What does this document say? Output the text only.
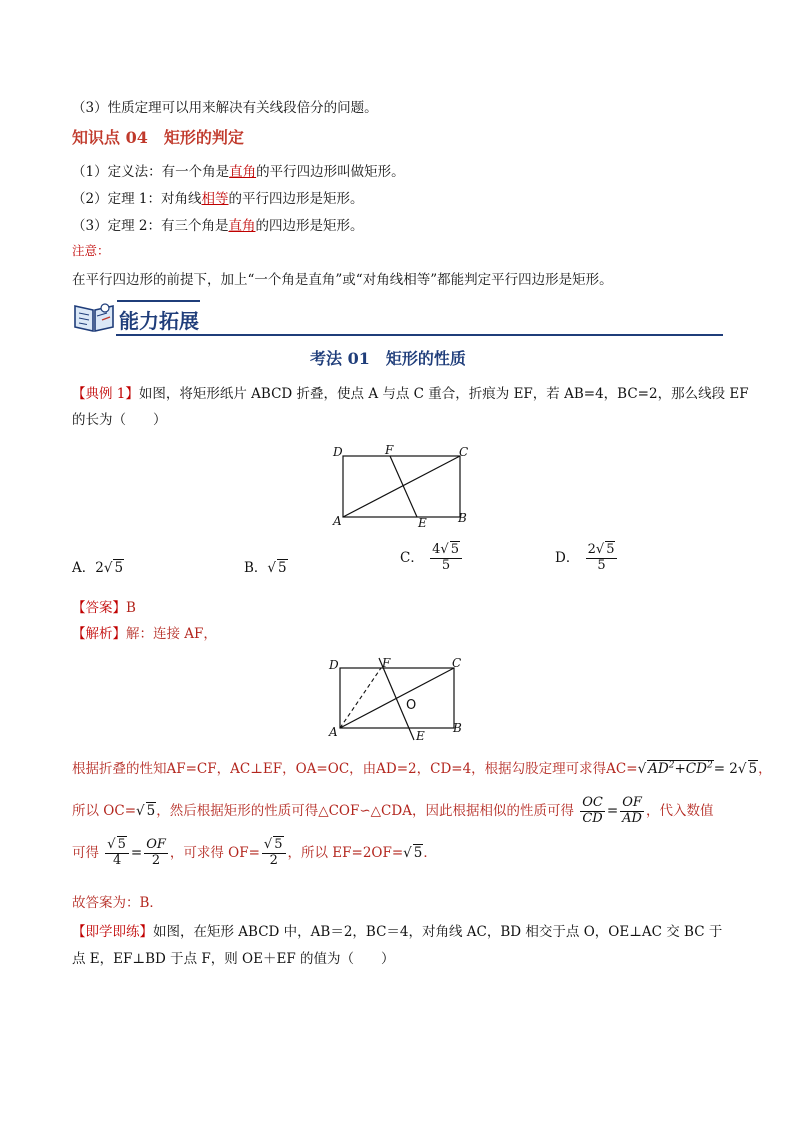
（3）性质定理可以用来解决有关线段倍分的问题。
知识点 04　 矩形的判定
（1）定义法：有一个角是直角的平行四边形叫做矩形。
（2）定理 1：对角线相等的平行四边形是矩形。
（3）定理 2：有三个角是直角的四边形是矩形。
注意：
在平行四边形的前提下，加上“一个角是直角”或“对角线相等”都能判定平行四边形是矩形。
能力拓展
考法 01　 矩形的性质
【典例 1】如图，将矩形纸片 ABCD 折叠，使点 A 与点 C 重合，折痕为 EF，若 AB=4，BC=2，那么线段 EF
的长为（　　）
D	F	C
A	E	B
A．2√ 5	B．√ 5
C． $\frac{4√ 5}{5}$	D． $\frac{2√ 5}{5}$
【答案】B
【解析】解：连接 AF，
D	F	C
A	E
B
O
根据折叠的性知AF=CF，AC⊥EF，OA=OC，由AD=2，CD=4，根据勾股定理可求得AC=√ $AD^2+CD^2= 2√$ 5，
所以 OC=√ 5，然后根据矩形的性质可得△COF∽△CDA，因此根据相似的性质可得 $\frac{OC}{CD} = \frac{OF}{AD}$ ，代入数值
可得 $\frac{√ 5}{4} = \frac{OF}{2}$ ，可求得 $OF= \frac{√ 5}{2}$ ，所以 EF=2OF=√ 5．
故答案为：B．
【即学即练】如图，在矩形 ABCD 中，AB＝2，BC＝4，对角线 AC，BD 相交于点 O，OE⊥AC 交 BC 于
点 E，EF⊥BD 于点 F，则 OE＋EF 的值为（　　）
